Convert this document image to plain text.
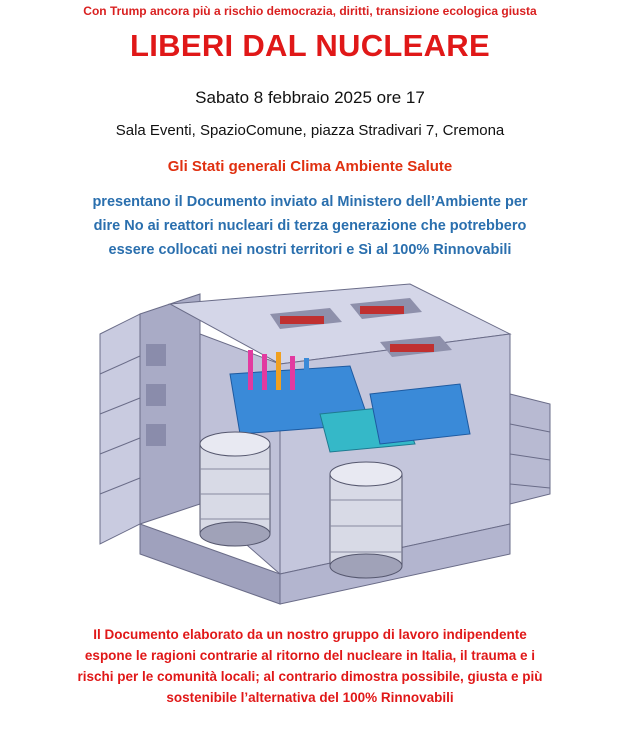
Con Trump ancora più a rischio democrazia, diritti, transizione ecologica giusta
LIBERI DAL NUCLEARE
Sabato 8 febbraio 2025 ore 17
Sala Eventi, SpazioComune, piazza Stradivari 7, Cremona
Gli Stati generali Clima Ambiente Salute
presentano il Documento inviato al Ministero dell’Ambiente per
dire No ai reattori nucleari di terza generazione che potrebbero
essere collocati nei nostri territori e Sì al 100% Rinnovabili
Il Documento elaborato da un nostro gruppo di lavoro indipendente
espone le ragioni contrarie al ritorno del nucleare in Italia, il trauma e i
rischi per le comunità locali; al contrario dimostra possibile, giusta e più
sostenibile l’alternativa del 100% Rinnovabili
